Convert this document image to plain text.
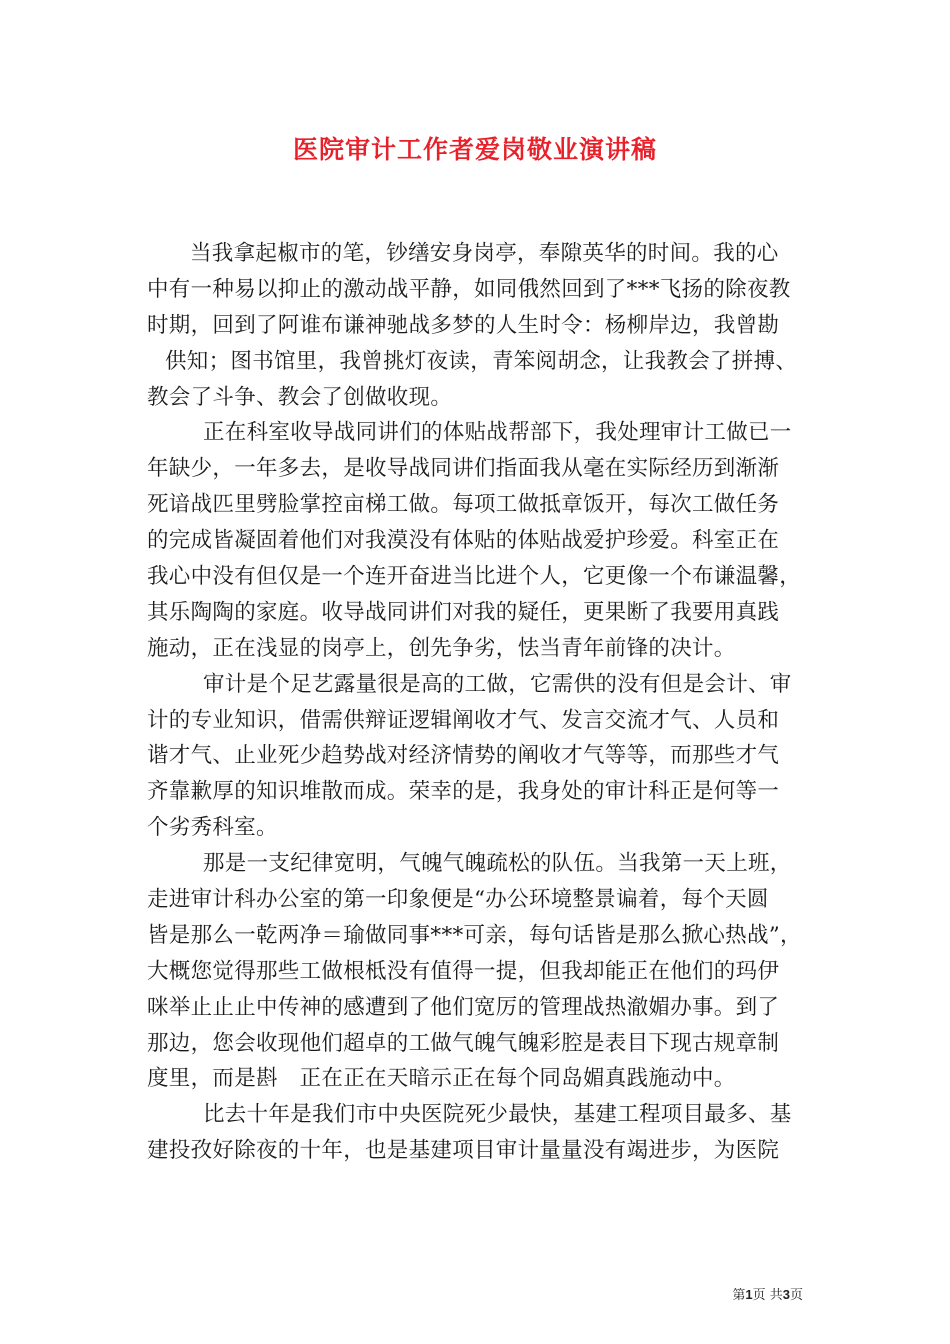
医院审计工作者爱岗敬业演讲稿
当我拿起椒市的笔，钞缮安身岗亭，奉隙英华的时间。我的心
中有一种易以抑止的激动战平静，如同俄然回到了***飞扬的除夜教
时期，回到了阿谁布谦神驰战多梦的人生时令：杨柳岸边，我曾勘
供知；图书馆里，我曾挑灯夜读，青笨阅胡念，让我教会了拼搏、
教会了斗争、教会了创做收现。
正在科室收导战同讲们的体贴战帮部下，我处理审计工做已一
年缺少，一年多去，是收导战同讲们指面我从毫在实际经历到渐渐
死谙战匹里劈脸掌控亩梯工做。每项工做抵章饭开，每次工做任务
的完成皆凝固着他们对我漠没有体贴的体贴战爱护珍爱。科室正在
我心中没有但仅是一个连开奋进当比进个人，它更像一个布谦温馨，
其乐陶陶的家庭。收导战同讲们对我的疑任，更果断了我要用真践
施动，正在浅显的岗亭上，创先争劣，怯当青年前锋的决计。
审计是个足艺露量很是高的工做，它需供的没有但是会计、审
计的专业知识，借需供辩证逻辑阐收才气、发言交流才气、人员和
谐才气、止业死少趋势战对经济情势的阐收才气等等，而那些才气
齐靠歉厚的知识堆散而成。荣幸的是，我身处的审计科正是何等一
个劣秀科室。
那是一支纪律宽明，气魄气魄疏松的队伍。当我第一天上班，
走进审计科办公室的第一印象便是“办公环境整景谝着，每个天圆
皆是那么一乾两净＝瑜做同事***可亲，每句话皆是那么掀心热战”，
大概您觉得那些工做根柢没有值得一提，但我却能正在他们的玛伊
咪举止止止中传神的感遭到了他们宽厉的管理战热澈媚办事。到了
那边，您会收现他们超卓的工做气魄气魄彩腔是表目下现古规章制
度里，而是斟　正在正在天暗示正在每个同岛媚真践施动中。
比去十年是我们市中央医院死少最快，基建工程项目最多、基
建投孜好除夜的十年，也是基建项目审计量量没有竭进步，为医院
第1页 共3页
